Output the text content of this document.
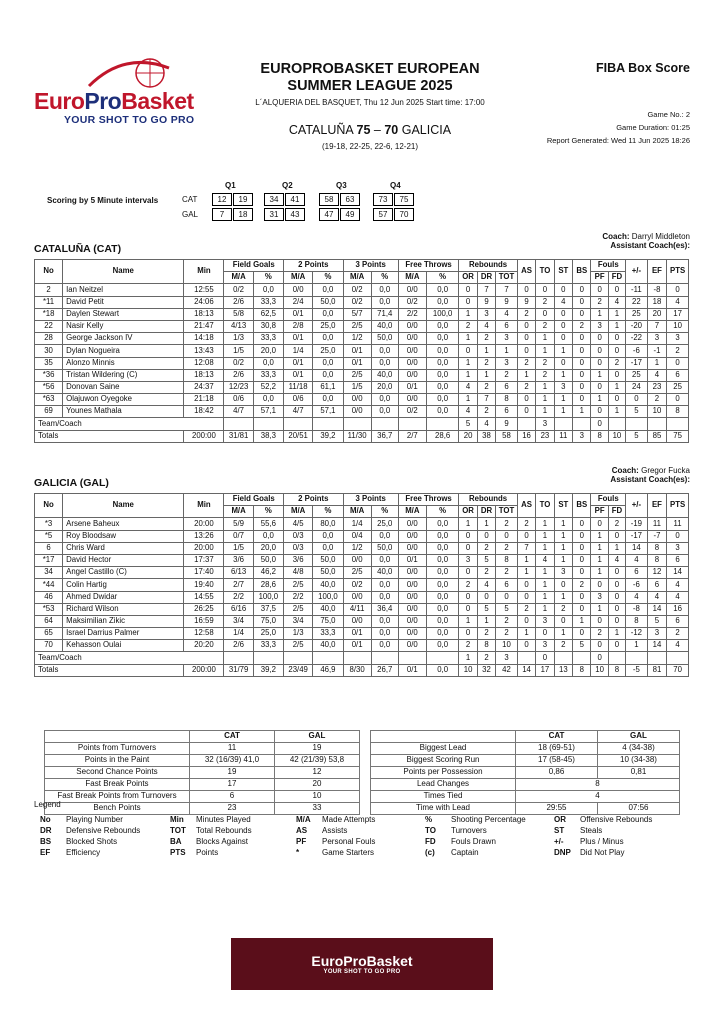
EuroProBasket
YOUR SHOT TO GO PRO
EUROPROBASKET EUROPEAN SUMMER LEAGUE 2025
L´ALQUERIA DEL BASQUET, Thu 12 Jun 2025 Start time: 17:00
CATALUÑA 75 – 70 GALICIA
(19-18, 22-25, 22-6, 12-21)
FIBA Box Score
Game No.: 2
Game Duration: 01:25
Report Generated: Wed 11 Jun 2025 18:26
Scoring by 5 Minute intervals
Q1	Q2	Q3	Q4
CAT	12	19	34	41	58	63	73	75
GAL	7	18	31	43	47	49	57	70
Coach: Darryl Middleton
Assistant Coach(es):
CATALUÑA (CAT)
No	Name	Min	Field Goals		2 Points		3 Points		Free Throws		Rebounds			AS	TO	ST	BS	Fouls		+/-	EF	PTS
			M/A	%	M/A	%	M/A	%	M/A	%	OR	DR	TOT					PF	FD			
2	Ian Neitzel	12:55	0/2	0,0	0/0	0,0	0/2	0,0	0/0	0,0	0	7	7	0	0	0	0	0	0	-11	-8	0
*11	David Petit	24:06	2/6	33,3	2/4	50,0	0/2	0,0	0/2	0,0	0	9	9	9	2	4	0	2	4	22	18	4
*18	Daylen Stewart	18:13	5/8	62,5	0/1	0,0	5/7	71,4	2/2	100,0	1	3	4	2	0	0	0	1	1	25	20	17
22	Nasir Kelly	21:47	4/13	30,8	2/8	25,0	2/5	40,0	0/0	0,0	2	4	6	0	2	0	2	3	1	-20	7	10
28	George Jackson IV	14:18	1/3	33,3	0/1	0,0	1/2	50,0	0/0	0,0	1	2	3	0	1	0	0	0	0	-22	3	3
30	Dylan Nogueira	13:43	1/5	20,0	1/4	25,0	0/1	0,0	0/0	0,0	0	1	1	0	1	1	0	0	0	-6	-1	2
35	Alonzo Minnis	12:08	0/2	0,0	0/1	0,0	0/1	0,0	0/0	0,0	1	2	3	2	2	0	0	0	2	-17	1	0
*36	Tristan Wildering (C)	18:13	2/6	33,3	0/1	0,0	2/5	40,0	0/0	0,0	1	1	2	1	2	1	0	1	0	25	4	6
*56	Donovan Saine	24:37	12/23	52,2	11/18	61,1	1/5	20,0	0/1	0,0	4	2	6	2	1	3	0	0	1	24	23	25
*63	Olajuwon Oyegoke	21:18	0/6	0,0	0/6	0,0	0/0	0,0	0/0	0,0	1	7	8	0	1	1	0	1	0	0	2	0
69	Younes Mathala	18:42	4/7	57,1	4/7	57,1	0/0	0,0	0/2	0,0	4	2	6	0	1	1	1	0	1	5	10	8
Team/Coach											5	4	9		3			0				
Totals		200:00	31/81	38,3	20/51	39,2	11/30	36,7	2/7	28,6	20	38	58	16	23	11	3	8	10	5	85	75
Coach: Gregor Fucka
Assistant Coach(es):
GALICIA (GAL)
No	Name	Min	Field Goals		2 Points		3 Points		Free Throws		Rebounds			AS	TO	ST	BS	Fouls		+/-	EF	PTS
			M/A	%	M/A	%	M/A	%	M/A	%	OR	DR	TOT					PF	FD			
*3	Arsene Baheux	20:00	5/9	55,6	4/5	80,0	1/4	25,0	0/0	0,0	1	1	2	2	1	1	0	0	2	-19	11	11
*5	Roy Bloodsaw	13:26	0/7	0,0	0/3	0,0	0/4	0,0	0/0	0,0	0	0	0	0	1	1	0	1	0	-17	-7	0
6	Chris Ward	20:00	1/5	20,0	0/3	0,0	1/2	50,0	0/0	0,0	0	2	2	7	1	1	0	1	1	14	8	3
*17	David Hector	17:37	3/6	50,0	3/6	50,0	0/0	0,0	0/1	0,0	3	5	8	1	4	1	0	1	4	4	8	6
34	Angel Castillo (C)	17:40	6/13	46,2	4/8	50,0	2/5	40,0	0/0	0,0	0	2	2	1	1	3	0	1	0	6	12	14
*44	Colin Hartig	19:40	2/7	28,6	2/5	40,0	0/2	0,0	0/0	0,0	2	4	6	0	1	0	2	0	0	-6	6	4
46	Ahmed Dwidar	14:55	2/2	100,0	2/2	100,0	0/0	0,0	0/0	0,0	0	0	0	0	1	1	0	3	0	4	4	4
*53	Richard Wilson	26:25	6/16	37,5	2/5	40,0	4/11	36,4	0/0	0,0	0	5	5	2	1	2	0	1	0	-8	14	16
64	Maksimilian Zikic	16:59	3/4	75,0	3/4	75,0	0/0	0,0	0/0	0,0	1	1	2	0	3	0	1	0	0	8	5	6
65	Israel Darrius Palmer	12:58	1/4	25,0	1/3	33,3	0/1	0,0	0/0	0,0	0	2	2	1	0	1	0	2	1	-12	3	2
70	Kehasson Oulai	20:20	2/6	33,3	2/5	40,0	0/1	0,0	0/0	0,0	2	8	10	0	3	2	5	0	0	1	14	4
Team/Coach											1	2	3		0			0				
Totals		200:00	31/79	39,2	23/49	46,9	8/30	26,7	0/1	0,0	10	32	42	14	17	13	8	10	8	-5	81	70
	CAT	GAL
Points from Turnovers	11	19
Points in the Paint	32 (16/39) 41,0	42 (21/39) 53,8
Second Chance Points	19	12
Fast Break Points	17	20
Fast Break Points from Turnovers	6	10
Bench Points	23	33
	CAT	GAL
Biggest Lead	18 (69-51)	4 (34-38)
Biggest Scoring Run	17 (58-45)	10 (34-38)
Points per Possession	0,86	0,81
Lead Changes	8	
Times Tied	4	
Time with Lead	29:55	07:56
Legend
No Playing Number
DR Defensive Rebounds
BS Blocked Shots
EF Efficiency
Min Minutes Played
TOT Total Rebounds
BA Blocks Against
PTS Points
M/A Made Attempts
AS Assists
PF Personal Fouls
*	Game Starters
% Shooting Percentage
TO Turnovers
FD Fouls Drawn
(c) Captain
OR Offensive Rebounds
ST Steals
+/- Plus / Minus
DNP Did Not Play
EuroProBasket
YOUR SHOT TO GO PRO
